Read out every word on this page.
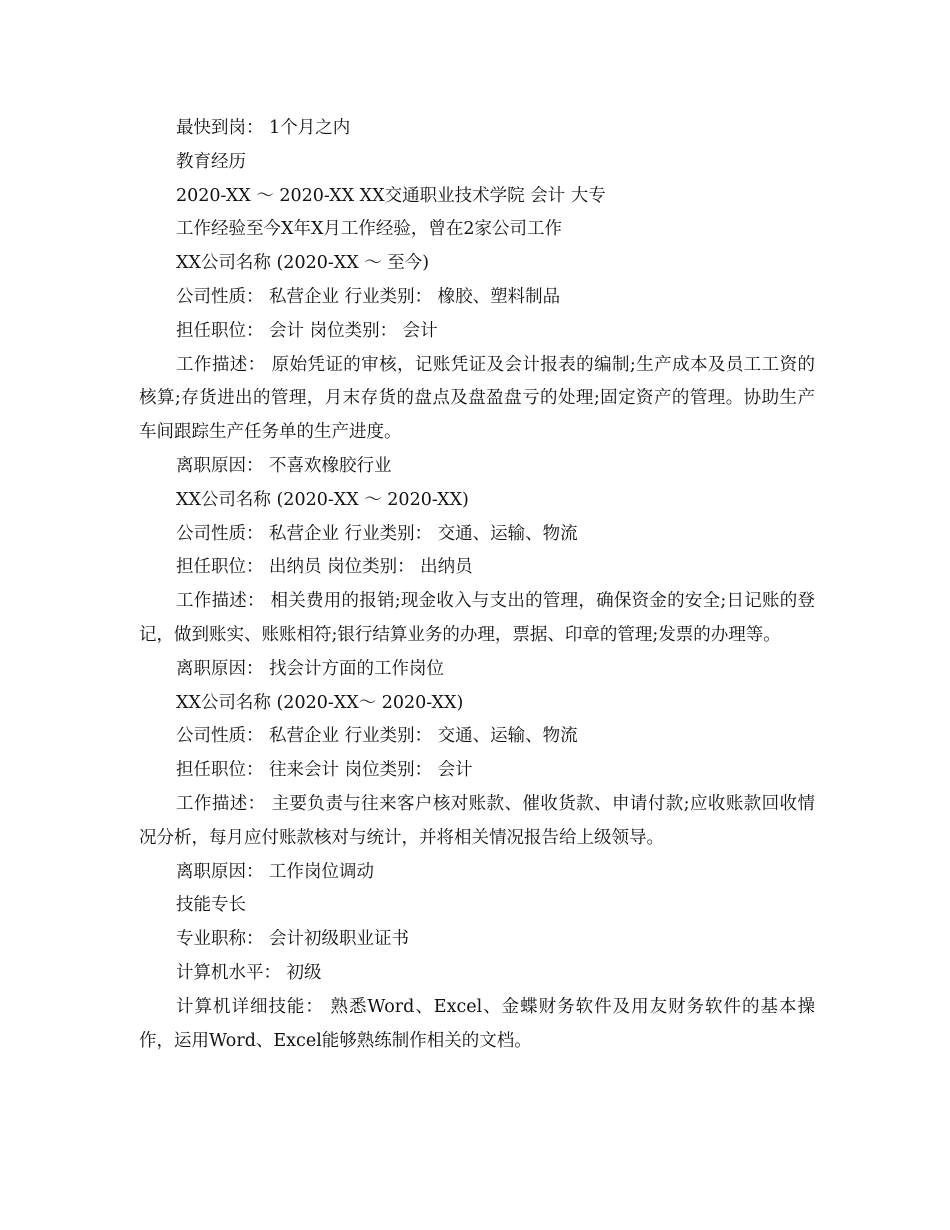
最快到岗： 1个月之内

教育经历

2020-XX ～ 2020-XX XX交通职业技术学院 会计 大专

工作经验至今X年X月工作经验，曾在2家公司工作

XX公司名称 (2020-XX ～ 至今)

公司性质： 私营企业 行业类别： 橡胶、塑料制品

担任职位： 会计 岗位类别： 会计

工作描述： 原始凭证的审核，记账凭证及会计报表的编制;生产成本及员工工资的核算;存货进出的管理，月末存货的盘点及盘盈盘亏的处理;固定资产的管理。协助生产车间跟踪生产任务单的生产进度。

离职原因： 不喜欢橡胶行业

XX公司名称 (2020-XX ～ 2020-XX)

公司性质： 私营企业 行业类别： 交通、运输、物流

担任职位： 出纳员 岗位类别： 出纳员

工作描述： 相关费用的报销;现金收入与支出的管理，确保资金的安全;日记账的登记，做到账实、账账相符;银行结算业务的办理，票据、印章的管理;发票的办理等。

离职原因： 找会计方面的工作岗位

XX公司名称 (2020-XX～ 2020-XX)

公司性质： 私营企业 行业类别： 交通、运输、物流

担任职位： 往来会计 岗位类别： 会计

工作描述： 主要负责与往来客户核对账款、催收货款、申请付款;应收账款回收情况分析，每月应付账款核对与统计，并将相关情况报告给上级领导。

离职原因： 工作岗位调动

技能专长

专业职称： 会计初级职业证书

计算机水平： 初级

计算机详细技能： 熟悉Word、Excel、金蝶财务软件及用友财务软件的基本操作，运用Word、Excel能够熟练制作相关的文档。
